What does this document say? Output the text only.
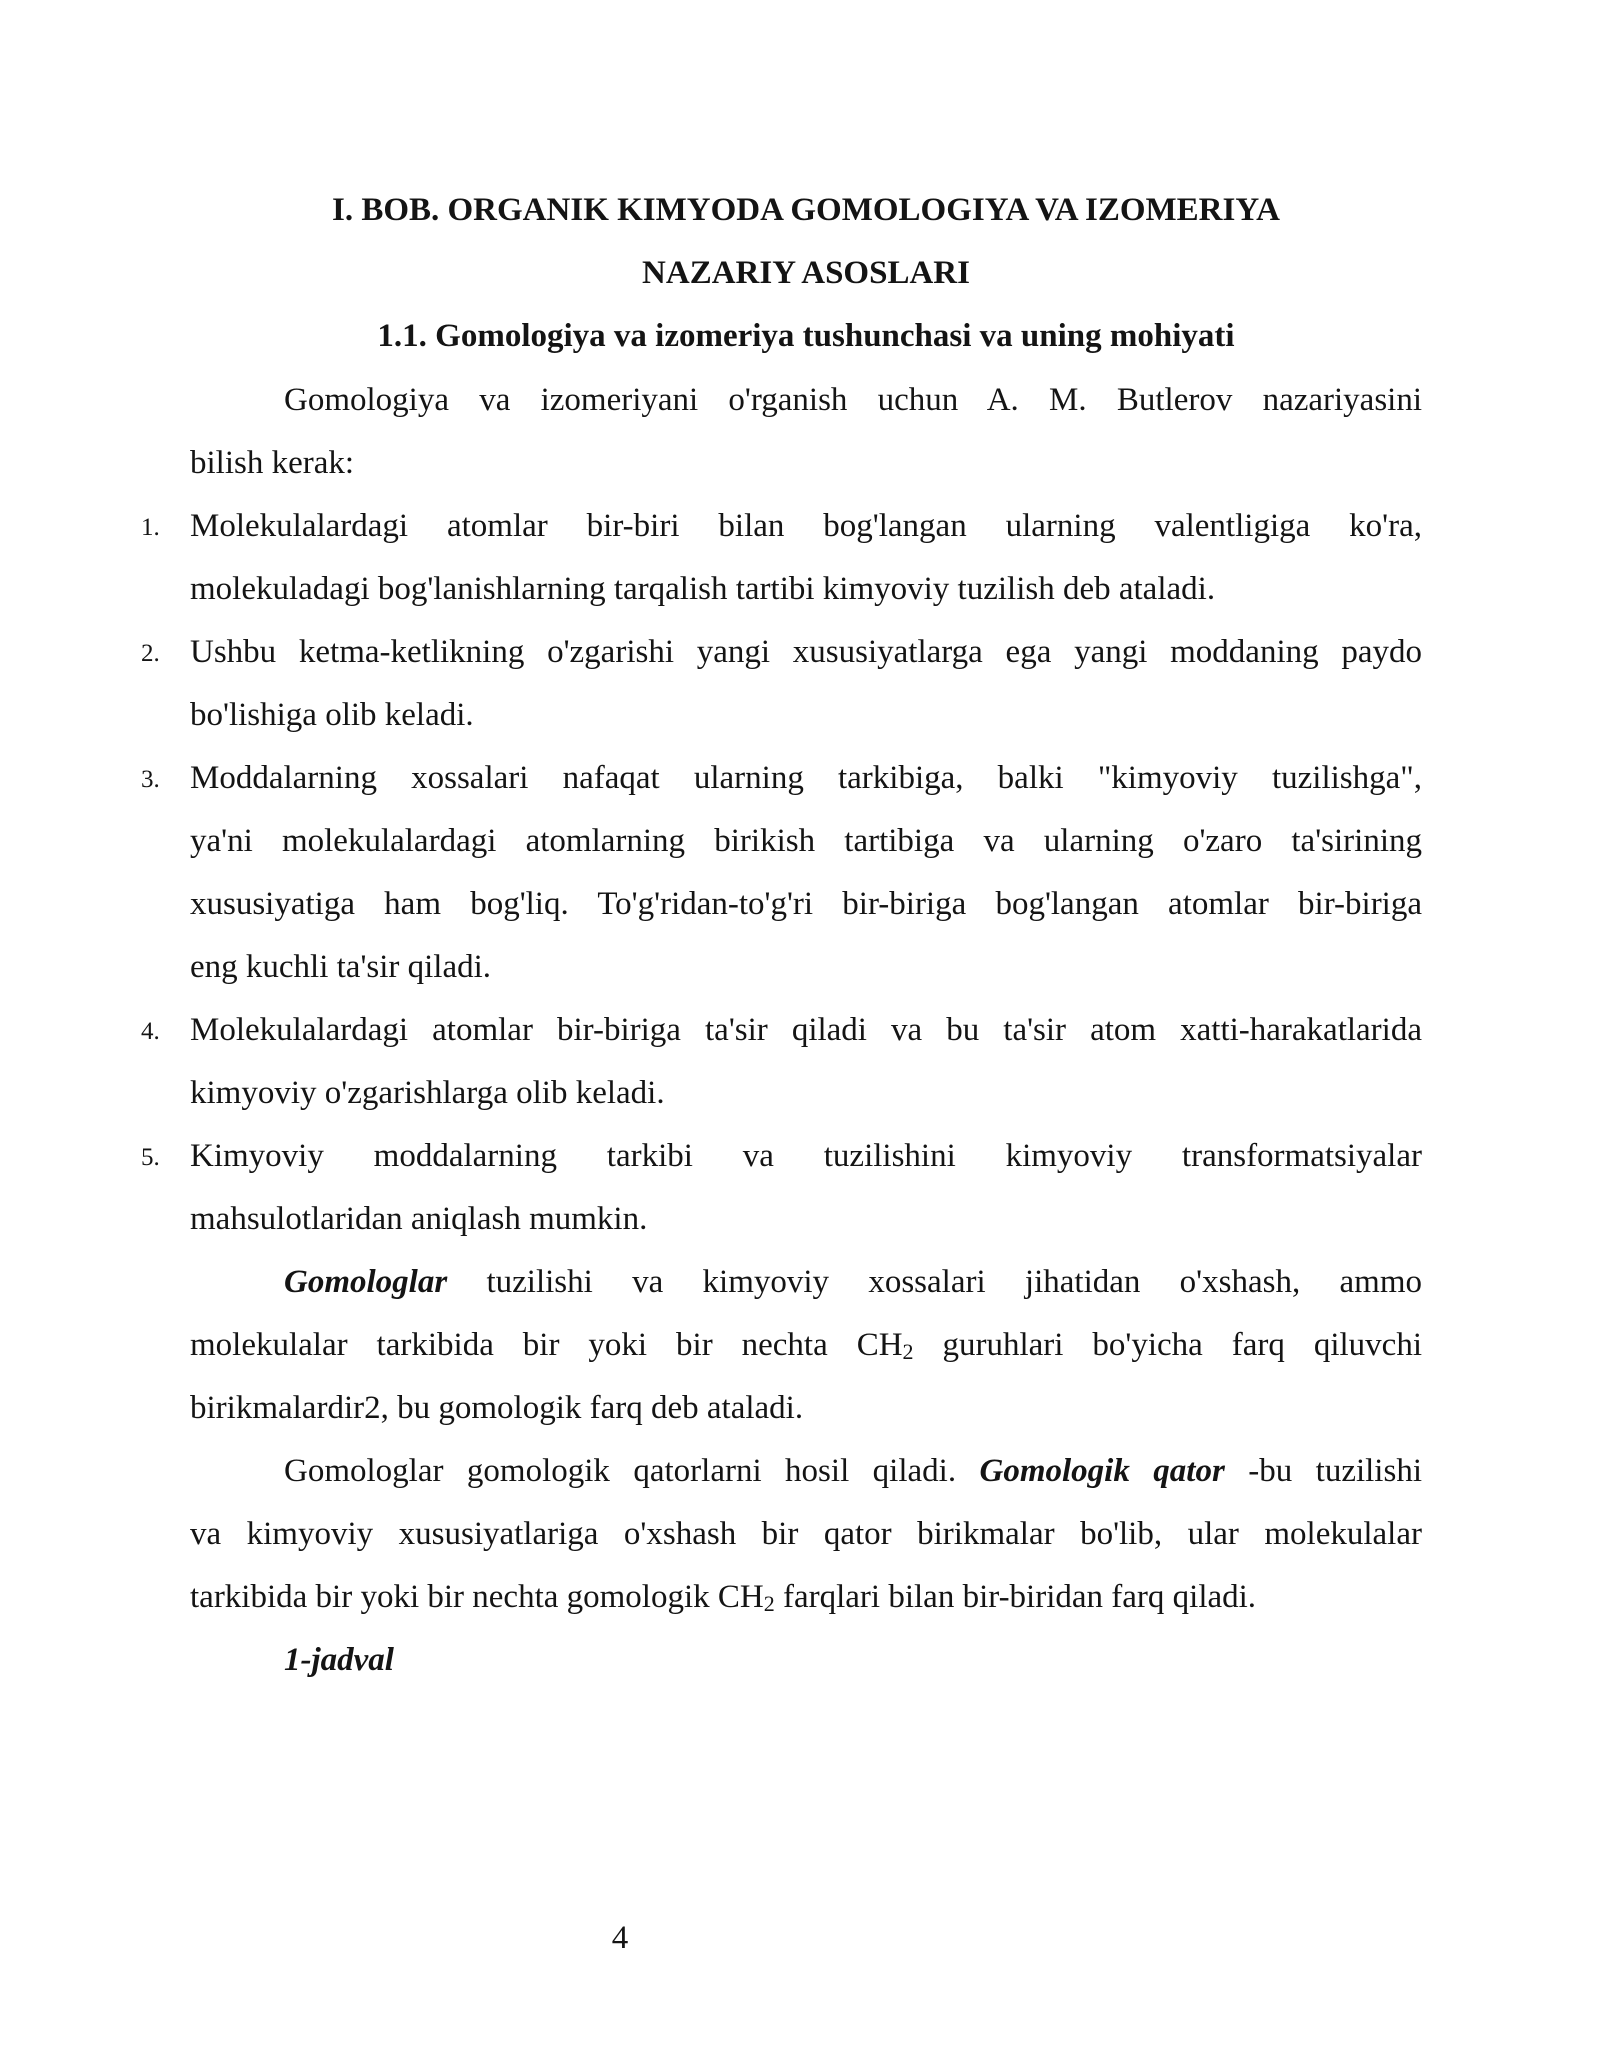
I. BOB. ORGANIK KIMYODA GOMOLOGIYA VA IZOMERIYA
NAZARIY ASOSLARI
1.1. Gomologiya va izomeriya tushunchasi va uning mohiyati
Gomologiya va izomeriyani o'rganish uchun A. M. Butlerov nazariyasini
bilish kerak:
1. Molekulalardagi atomlar bir-biri bilan bog'langan ularning valentligiga ko'ra,
molekuladagi bog'lanishlarning tarqalish tartibi kimyoviy tuzilish deb ataladi.
2. Ushbu ketma-ketlikning o'zgarishi yangi xususiyatlarga ega yangi moddaning paydo
bo'lishiga olib keladi.
3. Moddalarning xossalari nafaqat ularning tarkibiga, balki "kimyoviy tuzilishga",
ya'ni molekulalardagi atomlarning birikish tartibiga va ularning o'zaro ta'sirining
xususiyatiga ham bog'liq. To'g'ridan-to'g'ri bir-biriga bog'langan atomlar bir-biriga
eng kuchli ta'sir qiladi.
4. Molekulalardagi atomlar bir-biriga ta'sir qiladi va bu ta'sir atom xatti-harakatlarida
kimyoviy o'zgarishlarga olib keladi.
5. Kimyoviy moddalarning tarkibi va tuzilishini kimyoviy transformatsiyalar
mahsulotlaridan aniqlash mumkin.
Gomologlar tuzilishi va kimyoviy xossalari jihatidan o'xshash, ammo
molekulalar tarkibida bir yoki bir nechta $CH_2$ guruhlari bo'yicha farq qiluvchi
birikmalardir2, bu gomologik farq deb ataladi.
Gomologlar gomologik qatorlarni hosil qiladi. Gomologik qator -bu tuzilishi
va kimyoviy xususiyatlariga o'xshash bir qator birikmalar bo'lib, ular molekulalar
tarkibida bir yoki bir nechta gomologik $CH_2$ farqlari bilan bir-biridan farq qiladi.
1-jadval
4
